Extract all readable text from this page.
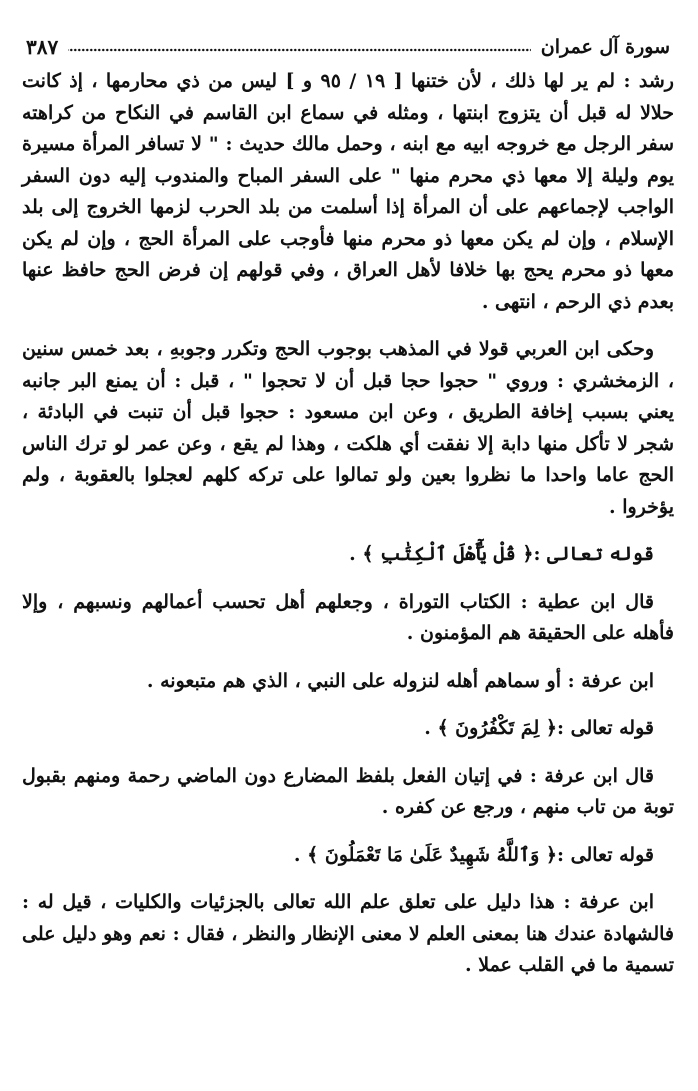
سورة آل عمران
٣٨٧

رشد : لم ير لها ذلك ، لأن ختنها [ ١٩ / ٩٥ و ] ليس من ذي محارمها ، إذ كانت حلالا له قبل أن يتزوج ابنتها ، ومثله في سماع ابن القاسم في النكاح من كراهته سفر الرجل مع خروجه ابيه مع ابنه ، وحمل مالك حديث : " لا تسافر المرأة مسيرة يوم وليلة إلا معها ذي محرم منها " على السفر المباح والمندوب إليه دون السفر الواجب لإجماعهم على أن المرأة إذا أسلمت من بلد الحرب لزمها الخروج إلى بلد الإسلام ، وإن لم يكن معها ذو محرم منها فأوجب على المرأة الحج ، وإن لم يكن معها ذو محرم يحج بها خلافا لأهل العراق ، وفي قولهم إن فرض الحج حافظ عنها بعدم ذي الرحم ، انتهى .

وحكى ابن العربي قولا في المذهب بوجوب الحج وتكرر وجوبهِ ، بعد خمس سنين ، الزمخشري : وروي " حجوا حجا قبل أن لا تحجوا " ، قبل : أن يمنع البر جانبه يعني بسبب إخافة الطريق ، وعن ابن مسعود : حجوا قبل أن تنبت في البادئة ، شجر لا تأكل منها دابة إلا نفقت أي هلكت ، وهذا لم يقع ، وعن عمر لو ترك الناس الحج عاما واحدا ما نظروا بعين ولو تمالوا على تركه كلهم لعجلوا بالعقوبة ، ولم يؤخروا .

قوله تعالى :﴿ قُلْ يَٰٓأَهْلَ ٱلْكِتَٰبِ ﴾ .

قال ابن عطية : الكتاب التوراة ، وجعلهم أهل تحسب أعمالهم ونسبهم ، وإلا فأهله على الحقيقة هم المؤمنون .

ابن عرفة : أو سماهم أهله لنزوله على النبي ، الذي هم متبعونه .

قوله تعالى :﴿ لِمَ تَكْفُرُونَ ﴾ .

قال ابن عرفة : في إتيان الفعل بلفظ المضارع دون الماضي رحمة ومنهم بقبول توبة من تاب منهم ، ورجع عن كفره .

قوله تعالى :﴿ وَٱللَّهُ شَهِيدٌ عَلَىٰ مَا تَعْمَلُونَ ﴾ .

ابن عرفة : هذا دليل على تعلق علم الله تعالى بالجزئيات والكليات ، قيل له : فالشهادة عندك هنا بمعنى العلم لا معنى الإنظار والنظر ، فقال : نعم وهو دليل على تسمية ما في القلب عملا .
